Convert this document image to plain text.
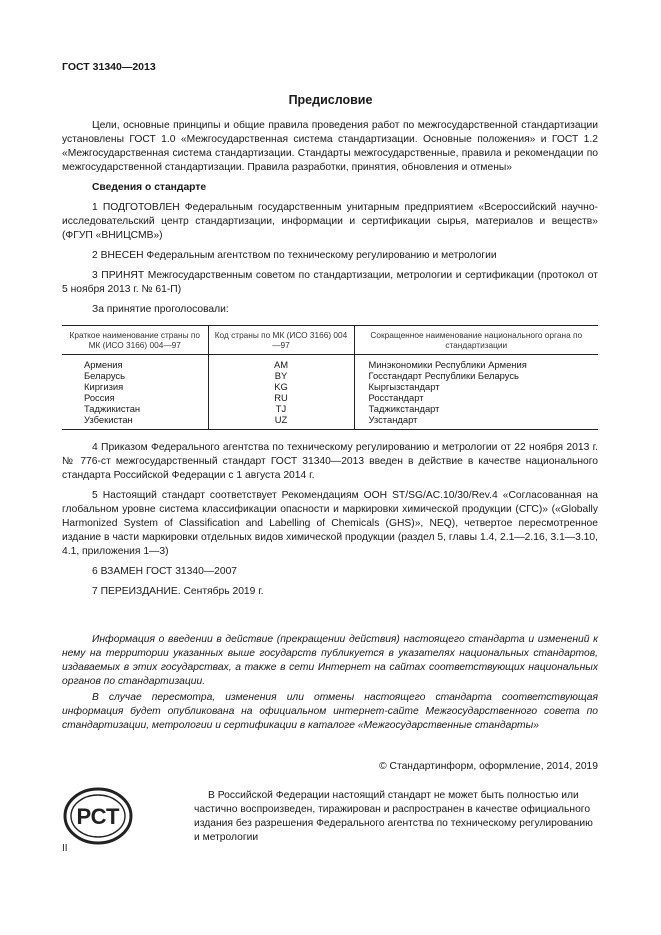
ГОСТ 31340—2013
Предисловие

Цели, основные принципы и общие правила проведения работ по межгосударственной стандартизации установлены ГОСТ 1.0 «Межгосударственная система стандартизации. Основные положения» и ГОСТ 1.2 «Межгосударственная система стандартизации. Стандарты межгосударственные, правила и рекомендации по межгосударственной стандартизации. Правила разработки, принятия, обновления и отмены»

Сведения о стандарте

1 ПОДГОТОВЛЕН Федеральным государственным унитарным предприятием «Всероссийский научно-исследовательский центр стандартизации, информации и сертификации сырья, материалов и веществ» (ФГУП «ВНИЦСМВ»)

2 ВНЕСЕН Федеральным агентством по техническому регулированию и метрологии

3 ПРИНЯТ Межгосударственным советом по стандартизации, метрологии и сертификации (протокол от 5 ноября 2013 г. № 61-П)

За принятие проголосовали:

Краткое наименование страны по МК (ИСО 3166) 004—97	Код страны по МК (ИСО 3166) 004—97	Сокращенное наименование национального органа по стандартизации
Армения	AM	Минэкономики Республики Армения
Беларусь	BY	Госстандарт Республики Беларусь
Киргизия	KG	Кыргызстандарт
Россия	RU	Росстандарт
Таджикистан	TJ	Таджикстандарт
Узбекистан	UZ	Узстандарт

4 Приказом Федерального агентства по техническому регулированию и метрологии от 22 ноября 2013 г. № 776-ст межгосударственный стандарт ГОСТ 31340—2013 введен в действие в качестве национального стандарта Российской Федерации с 1 августа 2014 г.

5 Настоящий стандарт соответствует Рекомендациям ООН ST/SG/AC.10/30/Rev.4 «Согласованная на глобальном уровне система классификации опасности и маркировки химической продукции (СГС)» («Globally Harmonized System of Classification and Labelling of Chemicals (GHS)», NEQ), четвертое пересмотренное издание в части маркировки отдельных видов химической продукции (раздел 5, главы 1.4, 2.1—2.16, 3.1—3.10, 4.1, приложения 1—3)

6 ВЗАМЕН ГОСТ 31340—2007

7 ПЕРЕИЗДАНИЕ. Сентябрь 2019 г.

Информация о введении в действие (прекращении действия) настоящего стандарта и изменений к нему на территории указанных выше государств публикуется в указателях национальных стандартов, издаваемых в этих государствах, а также в сети Интернет на сайтах соответствующих национальных органов по стандартизации.

В случае пересмотра, изменения или отмены настоящего стандарта соответствующая информация будет опубликована на официальном интернет-сайте Межгосударственного совета по стандартизации, метрологии и сертификации в каталоге «Межгосударственные стандарты»

© Стандартинформ, оформление, 2014, 2019
РСТ
В Российской Федерации настоящий стандарт не может быть полностью или частично воспроизведен, тиражирован и распространен в качестве официального издания без разрешения Федерального агентства по техническому регулированию и метрологии
II
